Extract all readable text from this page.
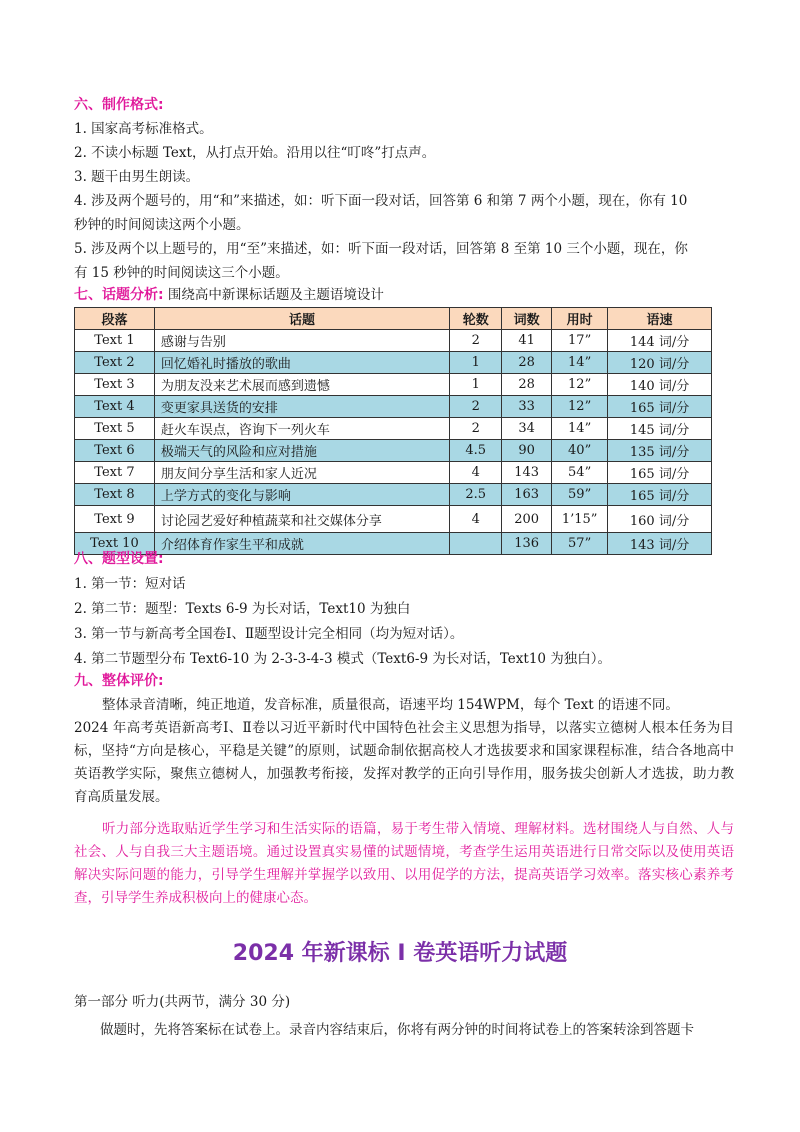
六、制作格式:
1. 国家高考标准格式。
2. 不读小标题 Text，从打点开始。沿用以往“叮咚”打点声。
3. 题干由男生朗读。
4. 涉及两个题号的，用“和”来描述，如：听下面一段对话，回答第 6 和第 7 两个小题，现在，你有 10
秒钟的时间阅读这两个小题。
5. 涉及两个以上题号的，用“至”来描述，如：听下面一段对话，回答第 8 至第 10 三个小题，现在，你
有 15 秒钟的时间阅读这三个小题。
七、话题分析: 围绕高中新课标话题及主题语境设计
段落	话题	轮数	词数	用时	语速
Text 1	感谢与告别	2	41	17”	144 词/分
Text 2	回忆婚礼时播放的歌曲	1	28	14”	120 词/分
Text 3	为朋友没来艺术展而感到遗憾	1	28	12”	140 词/分
Text 4	变更家具送货的安排	2	33	12”	165 词/分
Text 5	赶火车误点，咨询下一列火车	2	34	14”	145 词/分
Text 6	极端天气的风险和应对措施	4.5	90	40”	135 词/分
Text 7	朋友间分享生活和家人近况	4	143	54”	165 词/分
Text 8	上学方式的变化与影响	2.5	163	59”	165 词/分
Text 9	讨论园艺爱好种植蔬菜和社交媒体分享	4	200	1’15”	160 词/分
Text 10	介绍体育作家生平和成就		136	57”	143 词/分
八、题型设置:
1. 第一节：短对话
2. 第二节：题型：Texts 6-9 为长对话，Text10 为独白
3. 第一节与新高考全国卷Ⅰ、Ⅱ题型设计完全相同（均为短对话）。
4. 第二节题型分布 Text6-10 为 2-3-3-4-3 模式（Text6-9 为长对话，Text10 为独白）。
九、整体评价:
整体录音清晰，纯正地道，发音标准，质量很高，语速平均 154WPM，每个 Text 的语速不同。
2024 年高考英语新高考Ⅰ、Ⅱ卷以习近平新时代中国特色社会主义思想为指导，以落实立德树人根本任务为目标，坚持“方向是核心，平稳是关键”的原则，试题命制依据高校人才选拔要求和国家课程标准，结合各地高中英语教学实际，聚焦立德树人，加强教考衔接，发挥对教学的正向引导作用，服务拔尖创新人才选拔，助力教育高质量发展。
听力部分选取贴近学生学习和生活实际的语篇，易于考生带入情境、理解材料。选材围绕人与自然、人与社会、人与自我三大主题语境。通过设置真实易懂的试题情境，考查学生运用英语进行日常交际以及使用英语解决实际问题的能力，引导学生理解并掌握学以致用、以用促学的方法，提高英语学习效率。落实核心素养考查，引导学生养成积极向上的健康心态。
2024 年新课标 I 卷英语听力试题
第一部分 听力(共两节，满分 30 分)
做题时，先将答案标在试卷上。录音内容结束后，你将有两分钟的时间将试卷上的答案转涂到答题卡
